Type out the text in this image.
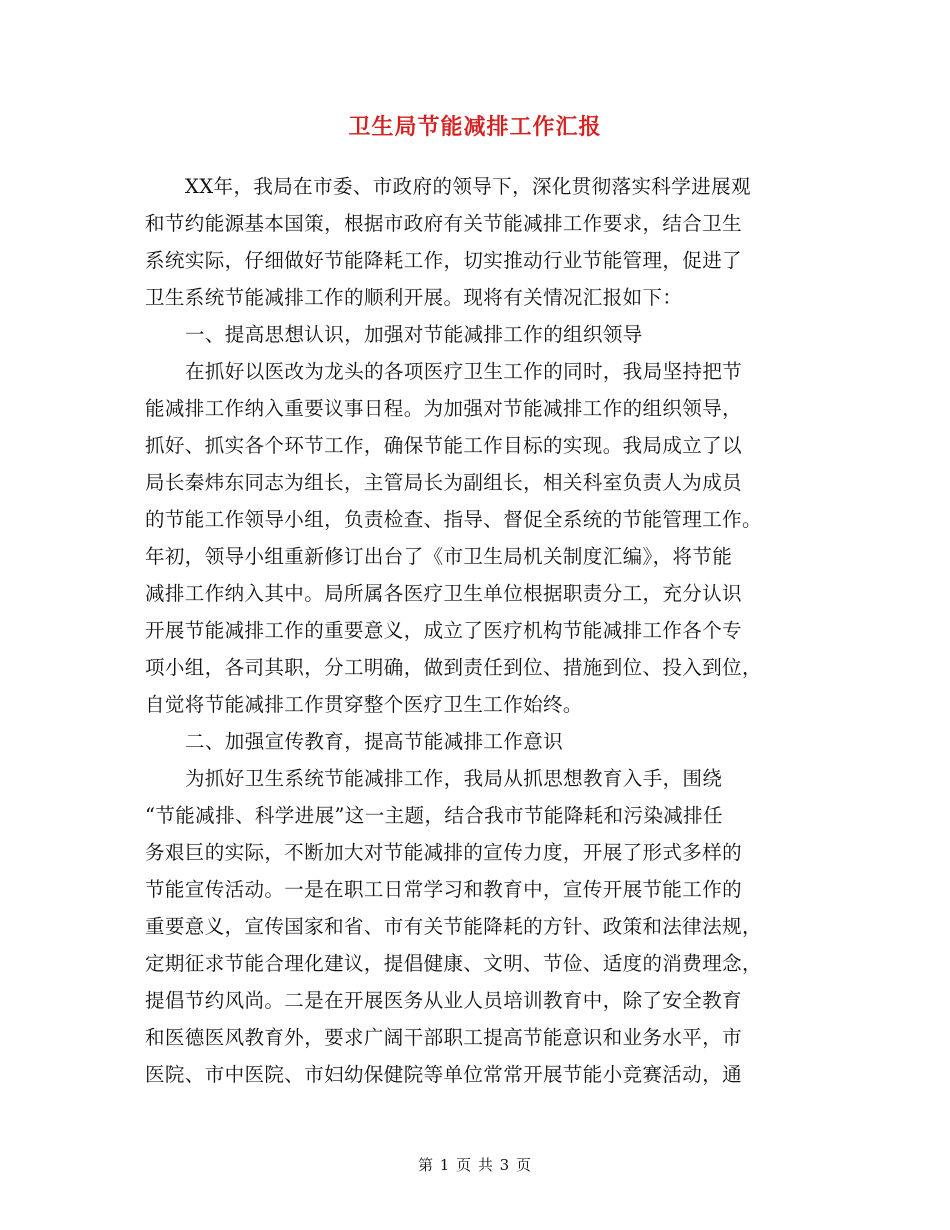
卫生局节能减排工作汇报
XX年，我局在市委、市政府的领导下，深化贯彻落实科学进展观
和节约能源基本国策，根据市政府有关节能减排工作要求，结合卫生
系统实际，仔细做好节能降耗工作，切实推动行业节能管理，促进了
卫生系统节能减排工作的顺利开展。现将有关情况汇报如下：
一、提高思想认识，加强对节能减排工作的组织领导
在抓好以医改为龙头的各项医疗卫生工作的同时，我局坚持把节
能减排工作纳入重要议事日程。为加强对节能减排工作的组织领导，
抓好、抓实各个环节工作，确保节能工作目标的实现。我局成立了以
局长秦炜东同志为组长，主管局长为副组长，相关科室负责人为成员
的节能工作领导小组，负责检查、指导、督促全系统的节能管理工作。
年初，领导小组重新修订出台了《市卫生局机关制度汇编》，将节能
减排工作纳入其中。局所属各医疗卫生单位根据职责分工，充分认识
开展节能减排工作的重要意义，成立了医疗机构节能减排工作各个专
项小组，各司其职，分工明确，做到责任到位、措施到位、投入到位，
自觉将节能减排工作贯穿整个医疗卫生工作始终。
二、加强宣传教育，提高节能减排工作意识
为抓好卫生系统节能减排工作，我局从抓思想教育入手，围绕
“节能减排、科学进展”这一主题，结合我市节能降耗和污染减排任
务艰巨的实际，不断加大对节能减排的宣传力度，开展了形式多样的
节能宣传活动。一是在职工日常学习和教育中，宣传开展节能工作的
重要意义，宣传国家和省、市有关节能降耗的方针、政策和法律法规，
定期征求节能合理化建议，提倡健康、文明、节俭、适度的消费理念，
提倡节约风尚。二是在开展医务从业人员培训教育中，除了安全教育
和医德医风教育外，要求广阔干部职工提高节能意识和业务水平，市
医院、市中医院、市妇幼保健院等单位常常开展节能小竞赛活动，通
第 1 页 共 3 页
